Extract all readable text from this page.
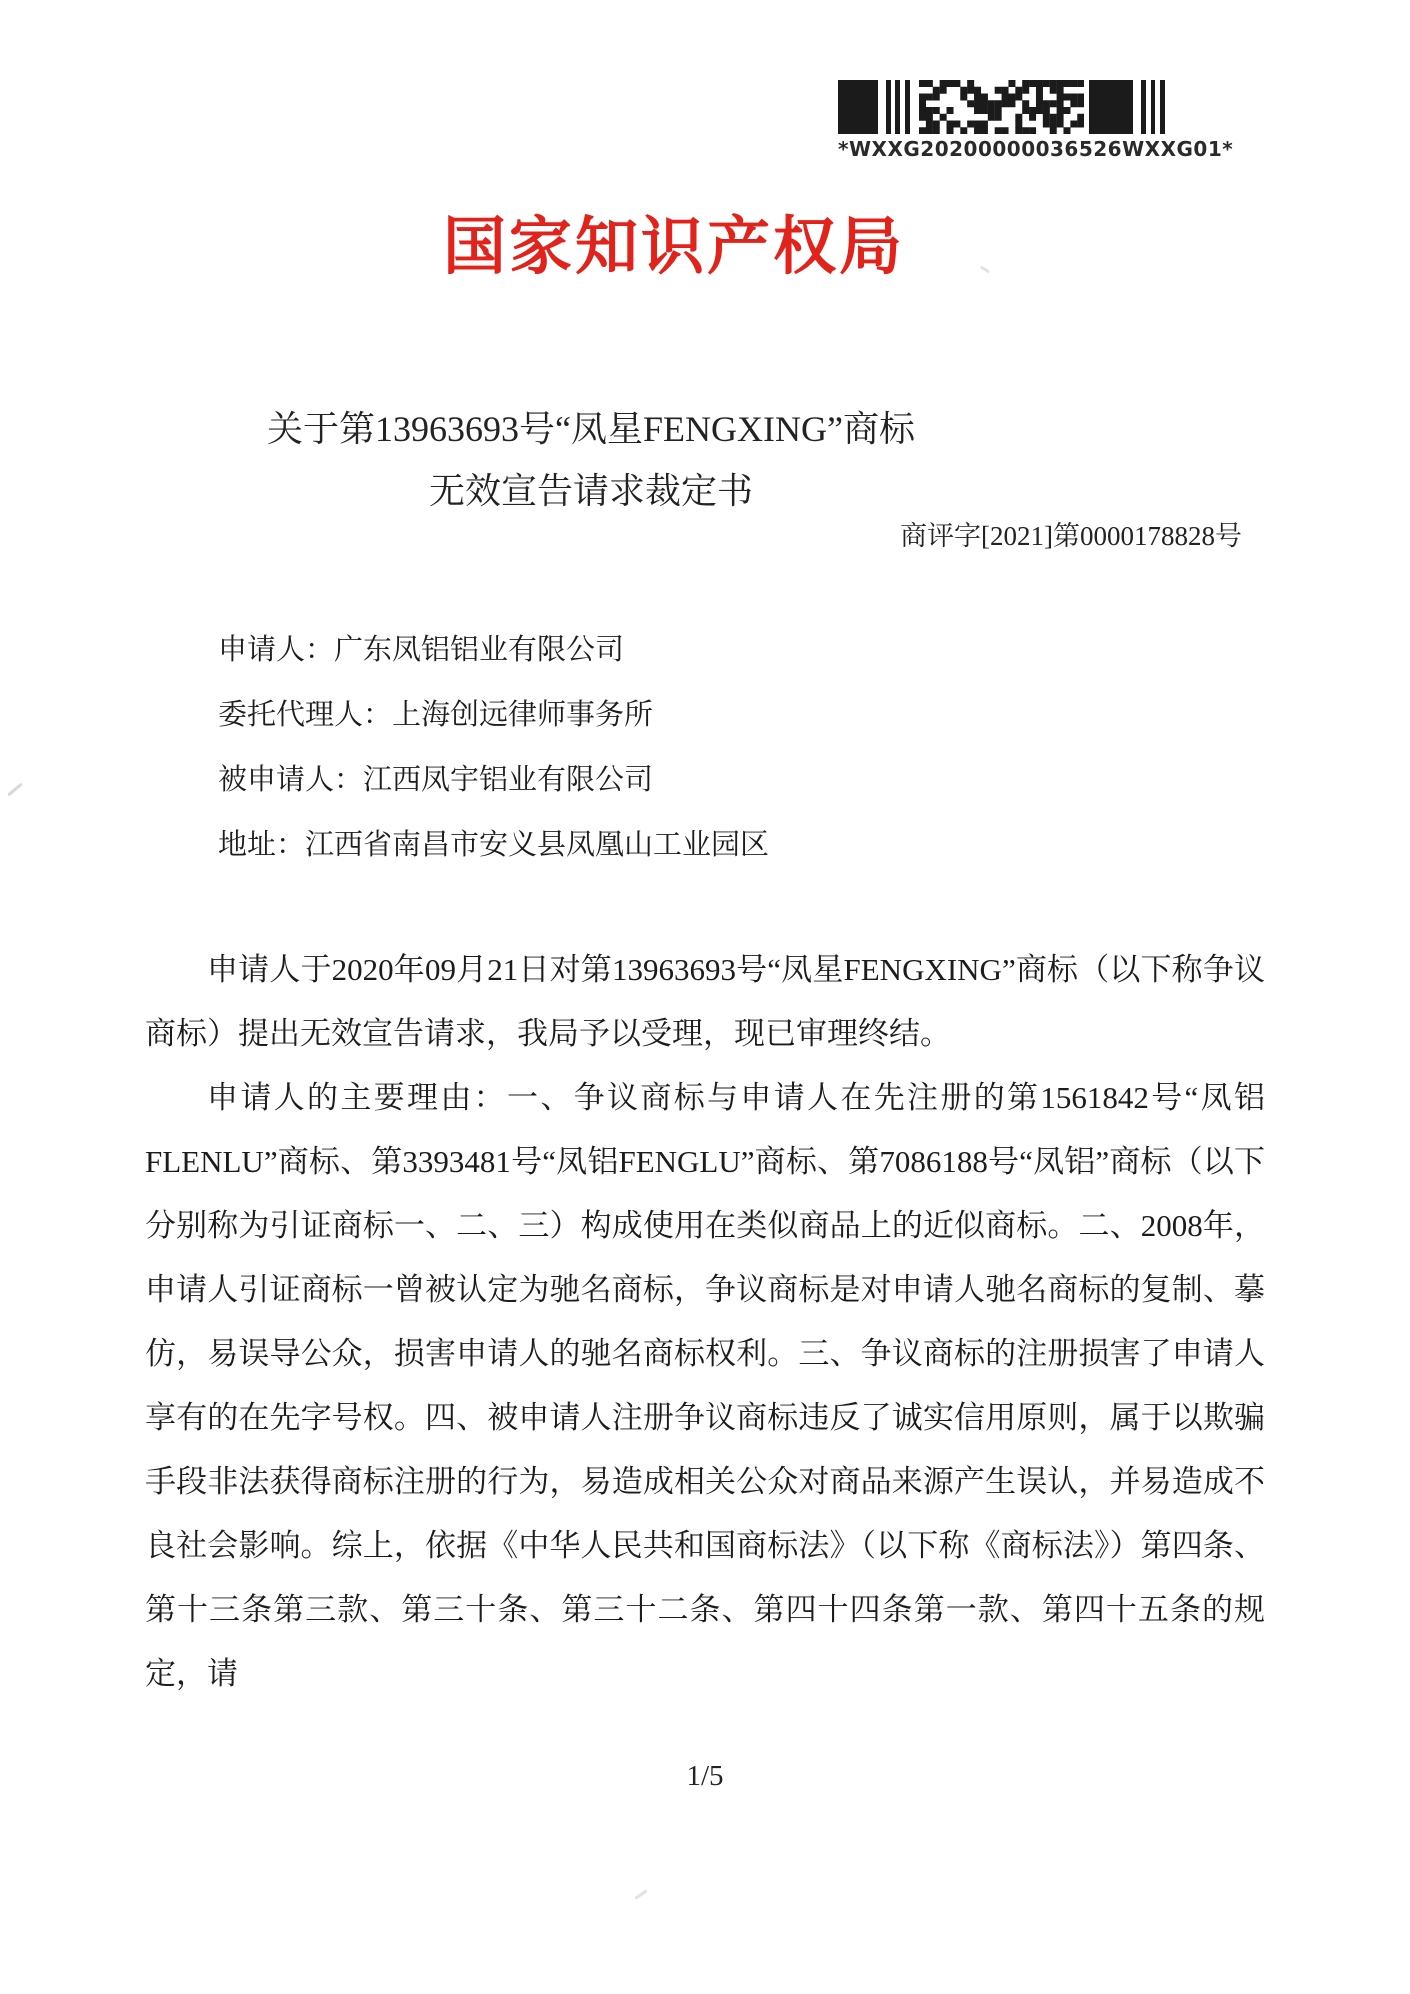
*WXXG20200000036526WXXG01*
国家知识产权局
关于第13963693号“凤星FENGXING”商标
无效宣告请求裁定书
商评字[2021]第0000178828号

申请人：广东凤铝铝业有限公司

委托代理人：上海创远律师事务所

被申请人：江西凤宇铝业有限公司

地址：江西省南昌市安义县凤凰山工业园区

申请人于2020年09月21日对第13963693号“凤星FENGXING”商标（以下称争议商标）提出无效宣告请求，我局予以受理，现已审理终结。

申请人的主要理由：一、争议商标与申请人在先注册的第1561842号“凤铝 FLENLU”商标、第3393481号“凤铝FENGLU”商标、第7086188号“凤铝”商标（以下分别称为引证商标一、二、三）构成使用在类似商品上的近似商标。二、2008年，申请人引证商标一曾被认定为驰名商标，争议商标是对申请人驰名商标的复制、摹仿，易误导公众，损害申请人的驰名商标权利。三、争议商标的注册损害了申请人享有的在先字号权。四、被申请人注册争议商标违反了诚实信用原则，属于以欺骗手段非法获得商标注册的行为，易造成相关公众对商品来源产生误认，并易造成不良社会影响。综上，依据《中华人民共和国商标法》（以下称《商标法》）第四条、第十三条第三款、第三十条、第三十二条、第四十四条第一款、第四十五条的规定，请

1/5
